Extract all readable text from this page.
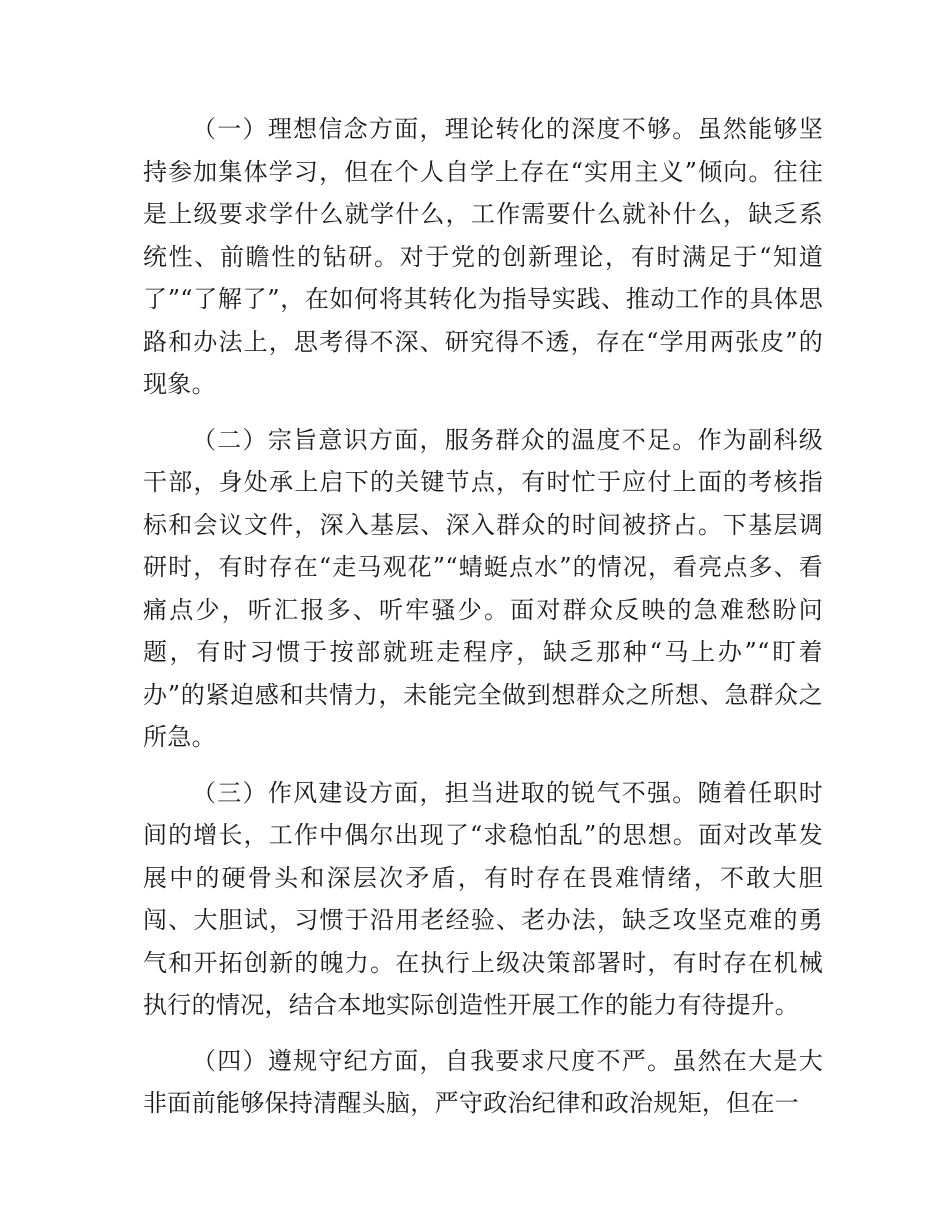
（一）理想信念方面，理论转化的深度不够。虽然能够坚持参加集体学习，但在个人自学上存在“实用主义”倾向。往往是上级要求学什么就学什么，工作需要什么就补什么，缺乏系统性、前瞻性的钻研。对于党的创新理论，有时满足于“知道了”“了解了”，在如何将其转化为指导实践、推动工作的具体思路和办法上，思考得不深、研究得不透，存在“学用两张皮”的现象。

（二）宗旨意识方面，服务群众的温度不足。作为副科级干部，身处承上启下的关键节点，有时忙于应付上面的考核指标和会议文件，深入基层、深入群众的时间被挤占。下基层调研时，有时存在“走马观花”“蜻蜓点水”的情况，看亮点多、看痛点少，听汇报多、听牢骚少。面对群众反映的急难愁盼问题，有时习惯于按部就班走程序，缺乏那种“马上办”“盯着办”的紧迫感和共情力，未能完全做到想群众之所想、急群众之所急。

（三）作风建设方面，担当进取的锐气不强。随着任职时间的增长，工作中偶尔出现了“求稳怕乱”的思想。面对改革发展中的硬骨头和深层次矛盾，有时存在畏难情绪，不敢大胆闯、大胆试，习惯于沿用老经验、老办法，缺乏攻坚克难的勇气和开拓创新的魄力。在执行上级决策部署时，有时存在机械执行的情况，结合本地实际创造性开展工作的能力有待提升。

（四）遵规守纪方面，自我要求尺度不严。虽然在大是大非面前能够保持清醒头脑，严守政治纪律和政治规矩，但在一
